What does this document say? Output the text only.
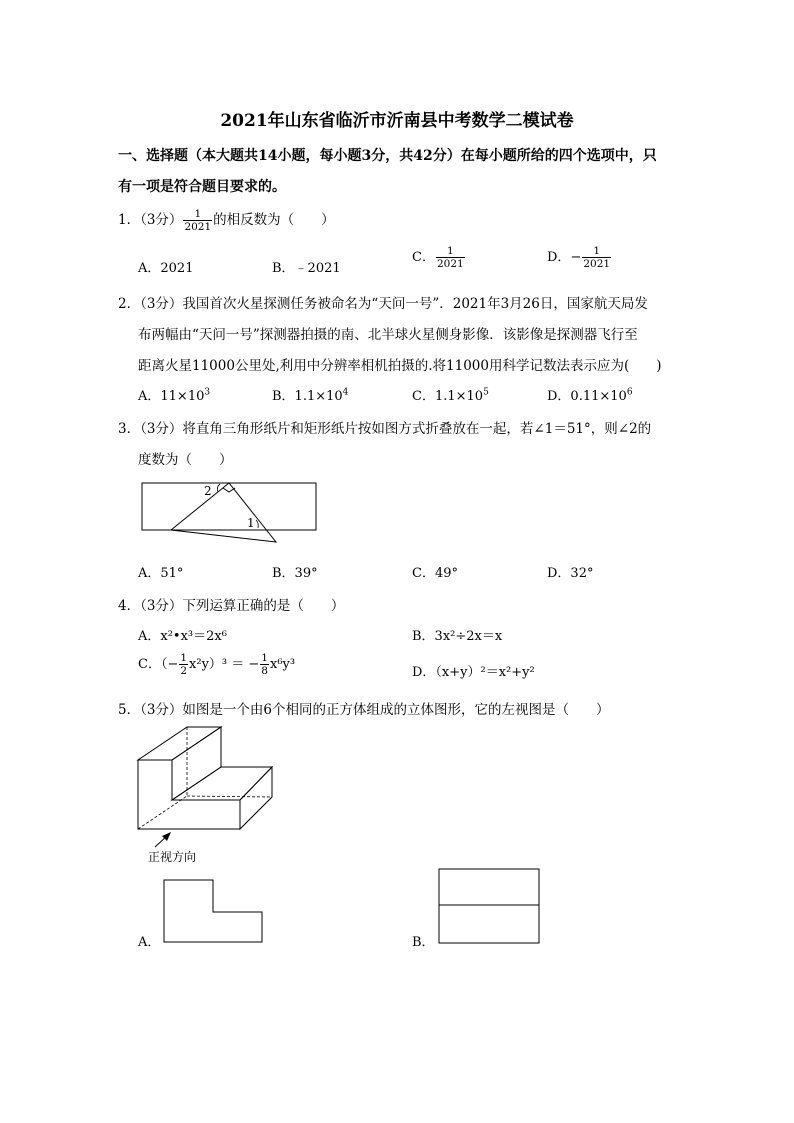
2021年山东省临沂市沂南县中考数学二模试卷
一、选择题（本大题共14小题，每小题3分，共42分）在每小题所给的四个选项中，只
有一项是符合题目要求的。
1．（3分） $\frac{1}{2021}$ 的相反数为（　　）
A．2021	B．﹣2021
C． $\frac{1}{2021}$	D．− $\frac{1}{2021}$
2．（3分）我国首次火星探测任务被命名为“天问一号”．2021年3月26日，国家航天局发
布两幅由“天问一号”探测器拍摄的南、北半球火星侧身影像．该影像是探测器飞行至
距离火星11000公里处,利用中分辨率相机拍摄的.将11000用科学记数法表示应为(　　)
A．$11\times 10^3$	B．$1.1\times 10^4$	C．$1.1\times 10^5$	D．$0.11\times 10^6$
3．（3分）将直角三角形纸片和矩形纸片按如图方式折叠放在一起，若∠1＝51°，则∠2的
度数为（　　）
2
1
A．51°	B．39°	C．49°	D．32°
4．（3分）下列运算正确的是（　　）
A．x²•x³＝2x⁶	B．3x²÷2x＝x
C．（− $\frac{1}{2} x^2y)^3$ ＝ − $\frac{1}{8} x^6y^3$
D．（x+y）²＝x²+y²
5．（3分）如图是一个由6个相同的正方体组成的立体图形，它的左视图是（　　）
正视方向
A．	B．
